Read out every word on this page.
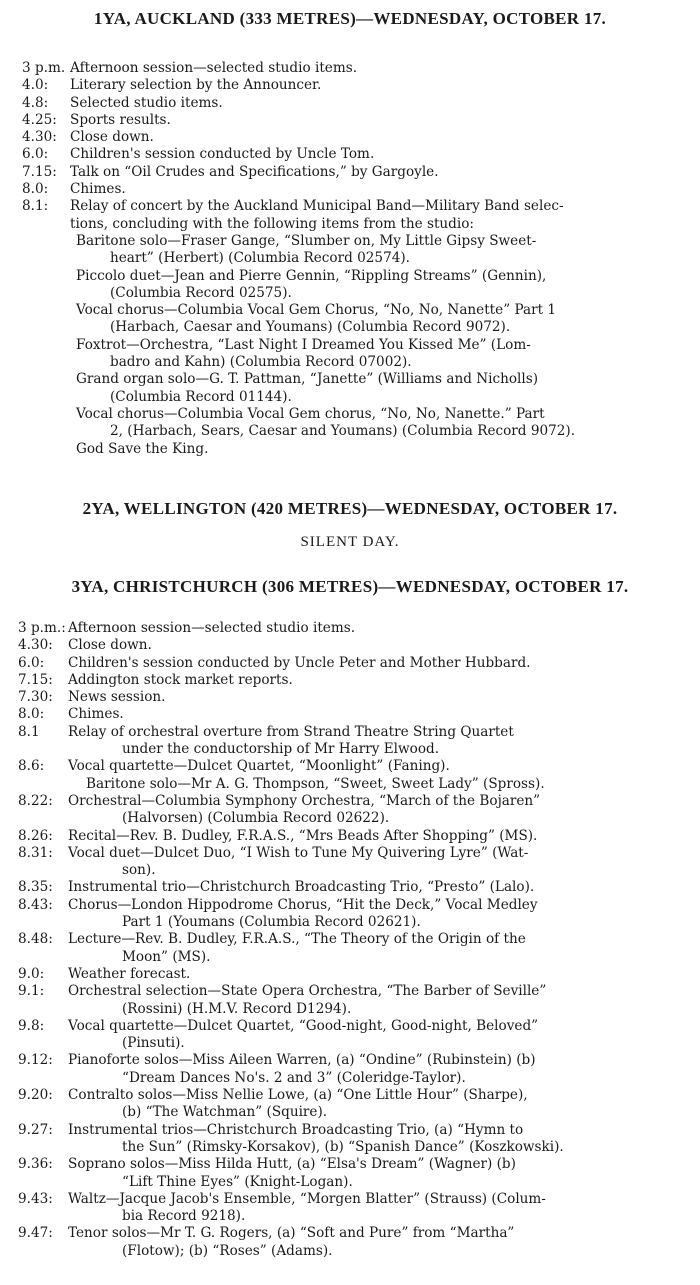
1YA, AUCKLAND (333 METRES)—WEDNESDAY, OCTOBER 17.
3 p.m. Afternoon session—selected studio items.
4.0: Literary selection by the Announcer.
4.8: Selected studio items.
4.25: Sports results.
4.30: Close down.
6.0: Children's session conducted by Uncle Tom.
7.15: Talk on “Oil Crudes and Specifications,” by Gargoyle.
8.0: Chimes.
8.1: Relay of concert by the Auckland Municipal Band—Military Band selec-
tions, concluding with the following items from the studio:
Baritone solo—Fraser Gange, “Slumber on, My Little Gipsy Sweet-
heart” (Herbert) (Columbia Record 02574).
Piccolo duet—Jean and Pierre Gennin, “Rippling Streams” (Gennin),
(Columbia Record 02575).
Vocal chorus—Columbia Vocal Gem Chorus, “No, No, Nanette” Part 1
(Harbach, Caesar and Youmans) (Columbia Record 9072).
Foxtrot—Orchestra, “Last Night I Dreamed You Kissed Me” (Lom-
badro and Kahn) (Columbia Record 07002).
Grand organ solo—G. T. Pattman, “Janette” (Williams and Nicholls)
(Columbia Record 01144).
Vocal chorus—Columbia Vocal Gem chorus, “No, No, Nanette.” Part
2, (Harbach, Sears, Caesar and Youmans) (Columbia Record 9072).
God Save the King.
2YA, WELLINGTON (420 METRES)—WEDNESDAY, OCTOBER 17.
SILENT DAY.
3YA, CHRISTCHURCH (306 METRES)—WEDNESDAY, OCTOBER 17.
3 p.m.: Afternoon session—selected studio items.
4.30: Close down.
6.0: Children's session conducted by Uncle Peter and Mother Hubbard.
7.15: Addington stock market reports.
7.30: News session.
8.0: Chimes.
8.1 Relay of orchestral overture from Strand Theatre String Quartet
under the conductorship of Mr Harry Elwood.
8.6: Vocal quartette—Dulcet Quartet, “Moonlight” (Faning).
Baritone solo—Mr A. G. Thompson, “Sweet, Sweet Lady” (Spross).
8.22: Orchestral—Columbia Symphony Orchestra, “March of the Bojaren”
(Halvorsen) (Columbia Record 02622).
8.26: Recital—Rev. B. Dudley, F.R.A.S., “Mrs Beads After Shopping” (MS).
8.31: Vocal duet—Dulcet Duo, “I Wish to Tune My Quivering Lyre” (Wat-
son).
8.35: Instrumental trio—Christchurch Broadcasting Trio, “Presto” (Lalo).
8.43: Chorus—London Hippodrome Chorus, “Hit the Deck,” Vocal Medley
Part 1 (Youmans (Columbia Record 02621).
8.48: Lecture—Rev. B. Dudley, F.R.A.S., “The Theory of the Origin of the
Moon” (MS).
9.0: Weather forecast.
9.1: Orchestral selection—State Opera Orchestra, “The Barber of Seville”
(Rossini) (H.M.V. Record D1294).
9.8: Vocal quartette—Dulcet Quartet, “Good-night, Good-night, Beloved”
(Pinsuti).
9.12: Pianoforte solos—Miss Aileen Warren, (a) “Ondine” (Rubinstein) (b)
“Dream Dances No's. 2 and 3” (Coleridge-Taylor).
9.20: Contralto solos—Miss Nellie Lowe, (a) “One Little Hour” (Sharpe),
(b) “The Watchman” (Squire).
9.27: Instrumental trios—Christchurch Broadcasting Trio, (a) “Hymn to
the Sun” (Rimsky-Korsakov), (b) “Spanish Dance” (Koszkowski).
9.36: Soprano solos—Miss Hilda Hutt, (a) “Elsa's Dream” (Wagner) (b)
“Lift Thine Eyes” (Knight-Logan).
9.43: Waltz—Jacque Jacob's Ensemble, “Morgen Blatter” (Strauss) (Colum-
bia Record 9218).
9.47: Tenor solos—Mr T. G. Rogers, (a) “Soft and Pure” from “Martha”
(Flotow); (b) “Roses” (Adams).
